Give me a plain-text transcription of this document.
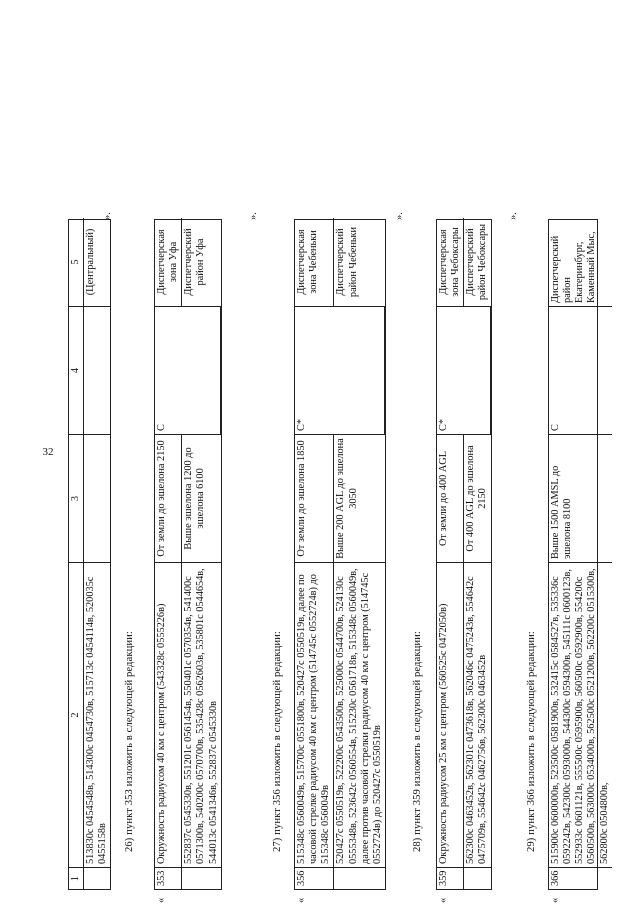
32
1
2
3
4
5
513830с 0454548в, 514300с 0454730в, 515713с 0454114в, 520035с 0455158в
(Центральный)
».
26) пункт 353 изложить в следующей редакции:
«
353
Окружность радиусом 40 км с центром (543328с 0555226в)
От земли до эшелона 2150
C
Диспетчерская зона Уфа
552837с 0545330в, 551201с 0561454в, 550401с 0570354в, 541400с 0571300в, 540200с 0570700в, 535428с 0562603в, 535801с 0544654в, 544013с 0541346в, 552837с 0545330в
Выше эшелона 1200 до эшелона 6100
Диспетчерский район Уфа
».
27) пункт 356 изложить в следующей редакции:
«
356
515348с 0560049в, 515700с 0551800в, 520427с 0550519в, далее по часовой стрелке радиусом 40 км с центром (514745с 0552724в) до 515348с 0560049в
От земли до эшелона 1850
C*
Диспетчерская зона Чебеньки
520427с 0550519в, 522200с 0543500в, 525000с 0544700в, 524130с 0555348в, 523642с 0560554в, 515230с 0561718в, 515348с 0560049в, далее против часовой стрелки радиусом 40 км с центром (514745с 0552724в) до 520427с 0550519в
Выше 200 AGL до эшелона 3050
Диспетчерский район Чебеньки
».
28) пункт 359 изложить в следующей редакции:
«
359
Окружность радиусом 25 км с центром (560525с 0472050в)
От земли до 400 AGL
C*
Диспетчерская зона Чебоксары
562300с 0463452в, 562301с 0473618в, 562046с 0475243в, 554642с 0475709в, 554642с 0462756в, 562300с 0463452в
От 400 AGL до эшелона 2150
Диспетчерский район Чебоксары
».
29) пункт 366 изложить в следующей редакции:
«
366
515900с 0600000в, 523500с 0581900в, 532415с 0584527в, 535336с 0592242в, 542300с 0593000в, 544300с 0594300в, 545111с 0600123в, 552933с 0601121в, 555500с 0595900в, 560500с 0592900в, 554200с 0560500в, 563000с 0534000в, 562500с 0521200в, 562200с 0515300в, 562800с 0504800в,
Выше 1500 AMSL до эшелона 8100
C
Диспетчерский район Екатеринбург, Каменный Мыс,
